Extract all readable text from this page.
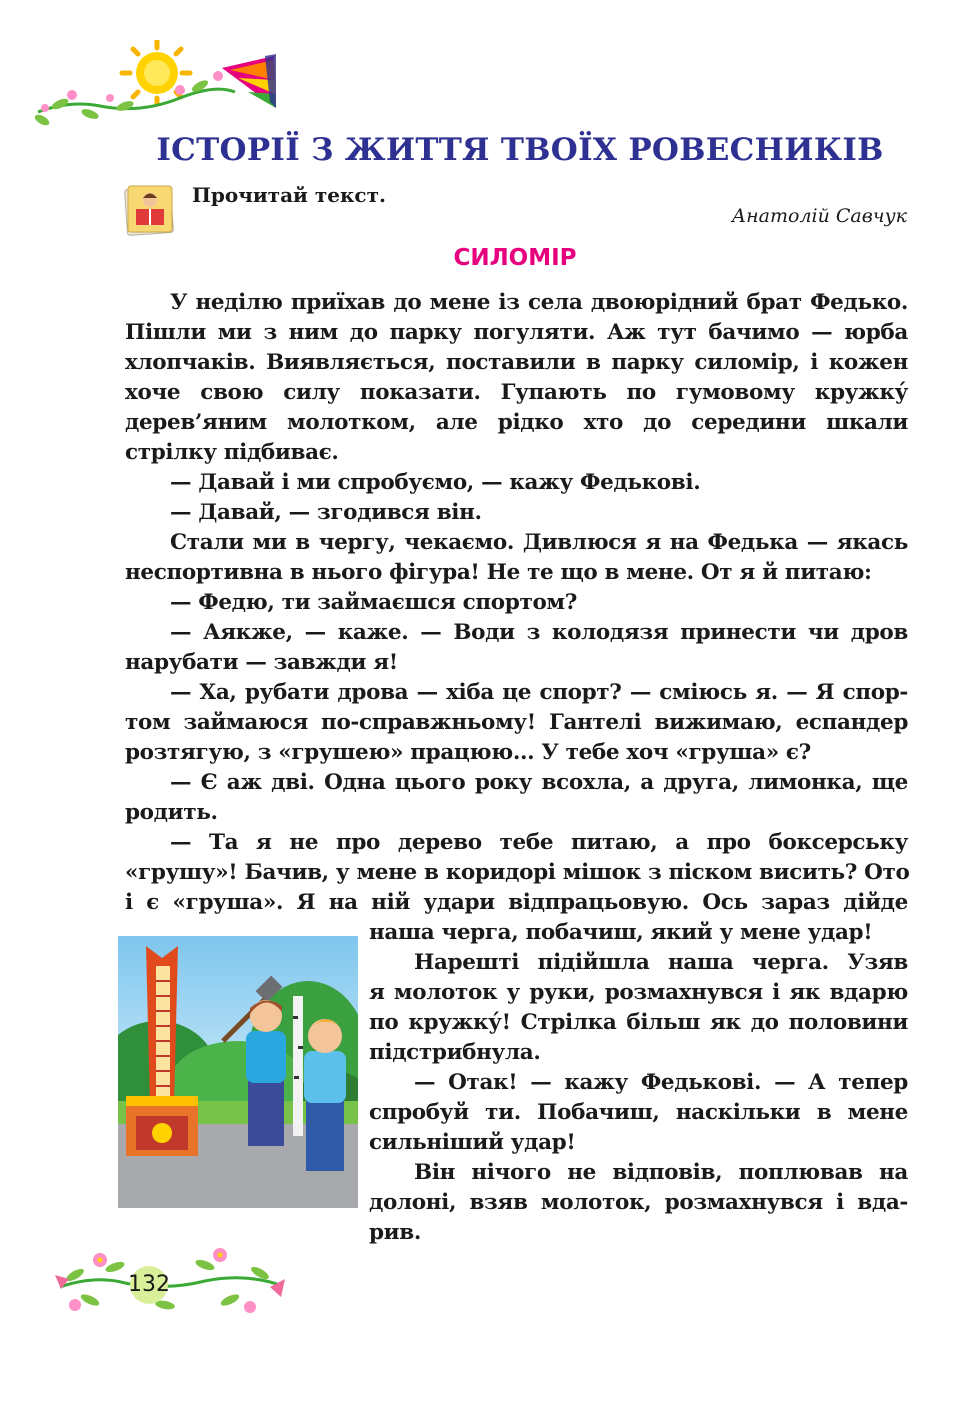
ІСТОРІЇ З ЖИТТЯ ТВОЇХ РОВЕСНИКІВ
Прочитай текст.
Анатолій Савчук
СИЛОМІР
У неділю приїхав до мене із села двоюрідний брат Федько.
Пішли ми з ним до парку погуляти. Аж тут бачимо — юрба
хлопчаків. Виявляється, поставили в парку силомір, і кожен
хоче свою силу показати. Гупають по гумовому кружку́
дерев’яним молотком, але рідко хто до середини шкали
стрілку підбиває.
— Давай і ми спробуємо, — кажу Федькові.
— Давай, — згодився він.
Стали ми в чергу, чекаємо. Дивлюся я на Федька — якась
неспортивна в нього фігура! Не те що в мене. От я й питаю:
— Федю, ти займаєшся спортом?
— Аякже, — каже. — Води з колодязя принести чи дров
нарубати — завжди я!
— Ха, рубати дрова — хіба це спорт? — сміюсь я. — Я спор-
том займаюся по-справжньому! Гантелі вижимаю, еспандер
розтягую, з «грушею» працюю... У тебе хоч «груша» є?
— Є аж дві. Одна цього року всохла, а друга, лимонка, ще
родить.
— Та я не про дерево тебе питаю, а про боксерську
«грушу»! Бачив, у мене в коридорі мішок з піском висить? Ото
і є «груша». Я на ній удари відпрацьовую. Ось зараз дійде
наша черга, побачиш, який у мене удар!
Нарешті підійшла наша черга. Узяв
я молоток у руки, розмахнувся і як вдарю
по кружку́! Стрілка більш як до половини
підстрибнула.
— Отак! — кажу Федькові. — А тепер
спробуй ти. Побачиш, наскільки в мене
сильніший удар!
Він нічого не відповів, поплював на
долоні, взяв молоток, розмахнувся і вда-
рив.
132
